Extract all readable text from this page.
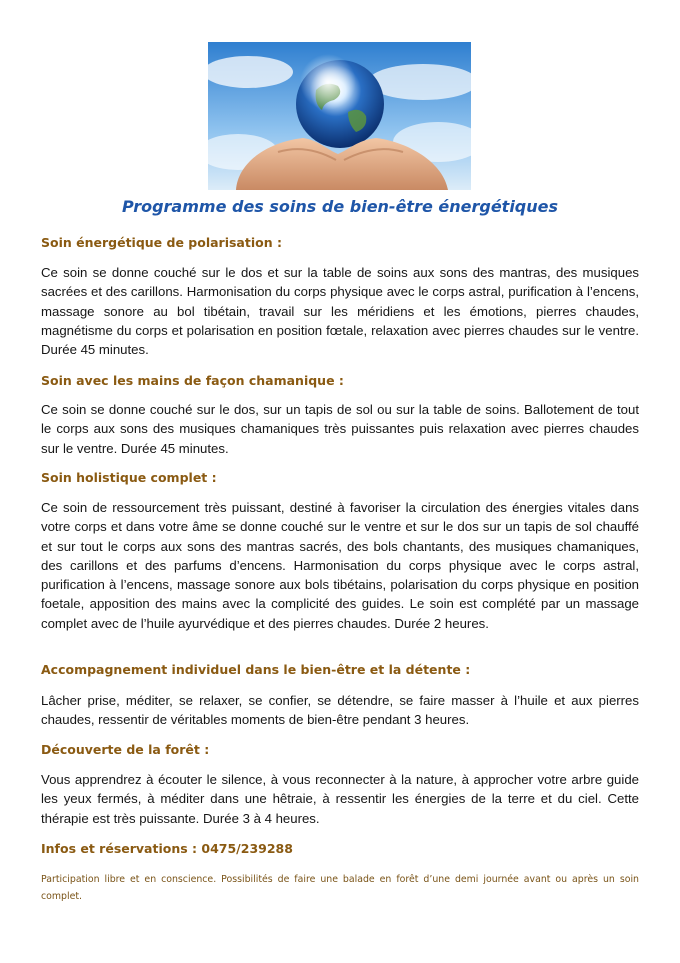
Programme des soins de bien-être énergétiques
Soin énergétique de polarisation :

Ce soin se donne couché sur le dos et sur la table de soins aux sons des mantras, des musiques sacrées et des carillons. Harmonisation du corps physique avec le corps astral, purification à l’encens, massage sonore au bol tibétain, travail sur les méridiens et les émotions, pierres chaudes, magnétisme du corps et polarisation en position fœtale, relaxation avec pierres chaudes sur le ventre. Durée 45 minutes.

Soin avec les mains de façon chamanique :

Ce soin se donne couché sur le dos, sur un tapis de sol ou sur la table de soins. Ballotement de tout le corps aux sons des musiques chamaniques très puissantes puis relaxation avec pierres chaudes sur le ventre. Durée 45 minutes.

Soin holistique complet :

Ce soin de ressourcement très puissant, destiné à favoriser la circulation des énergies vitales dans votre corps et dans votre âme se donne couché sur le ventre et sur le dos sur un tapis de sol chauffé et sur tout le corps aux sons des mantras sacrés, des bols chantants, des musiques chamaniques, des carillons et des parfums d’encens. Harmonisation du corps physique avec le corps astral, purification à l’encens, massage sonore aux bols tibétains, polarisation du corps physique en position foetale, apposition des mains avec la complicité des guides. Le soin est complété par un massage complet avec de l’huile ayurvédique et des pierres chaudes. Durée 2 heures.

Accompagnement individuel dans le bien-être et la détente :

Lâcher prise, méditer, se relaxer, se confier, se détendre, se faire masser à l’huile et aux pierres chaudes, ressentir de véritables moments de bien-être pendant 3 heures.

Découverte de la forêt :

Vous apprendrez à écouter le silence, à vous reconnecter à la nature, à approcher votre arbre guide les yeux fermés, à méditer dans une hêtraie, à ressentir les énergies de la terre et du ciel. Cette thérapie est très puissante. Durée 3 à 4 heures.

Infos et réservations : 0475/239288

Participation libre et en conscience. Possibilités de faire une balade en forêt d’une demi journée avant ou après un soin complet.
